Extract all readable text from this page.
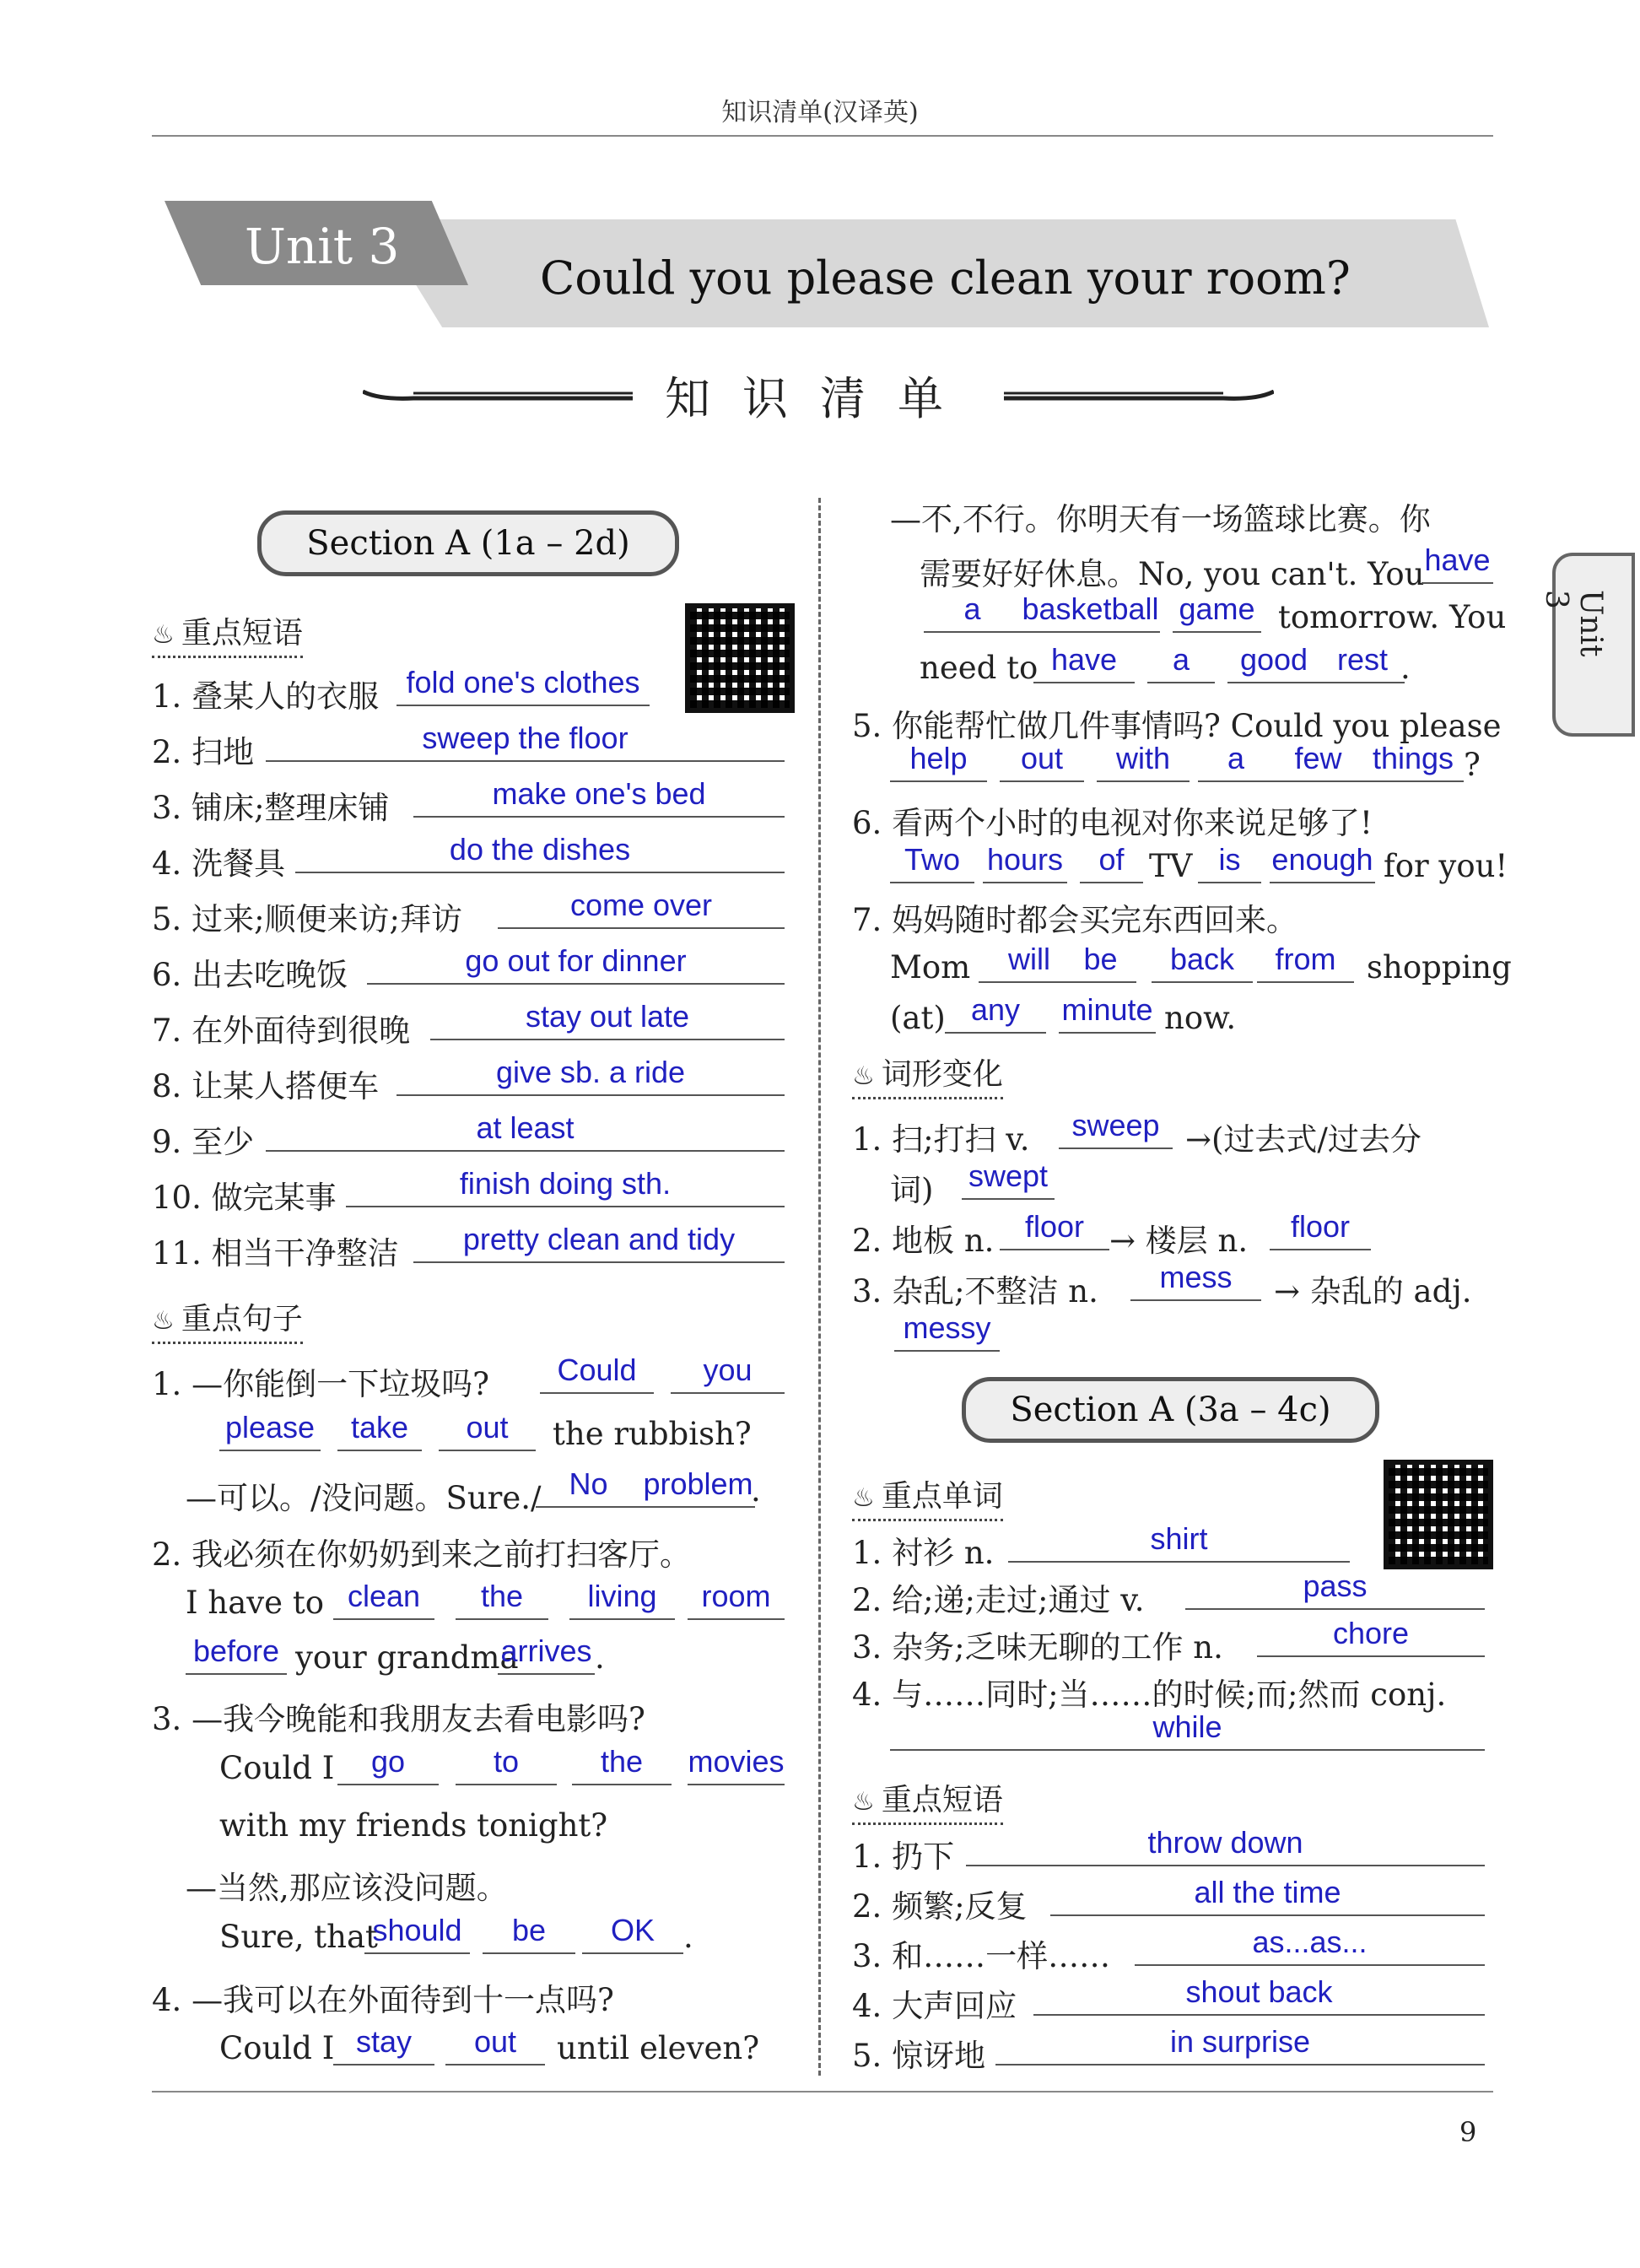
知识清单(汉译英)
Unit 3
Could you please clean your room?
知识清单
Unit 3
Section A (1a – 2d)
♨ 重点短语
1. 叠某人的衣服 fold one's clothes
2. 扫地	sweep the floor
3. 铺床;整理床铺	make one's bed
4. 洗餐具	do the dishes
5. 过来;顺便来访;拜访	come over
6. 出去吃晚饭	go out for dinner
7. 在外面待到很晚	stay out late
8. 让某人搭便车	give sb. a ride
9. 至少	at least
10. 做完某事	finish doing sth.
11. 相当干净整洁	pretty clean and tidy
♨ 重点句子
1. —你能倒一下垃圾吗?	Could	you
please	take	out	the rubbish?
—可以。/没问题。Sure./ No	problem
.
2. 我必须在你奶奶到来之前打扫客厅。
I have to clean	the	living	room
before your grandma
arrives .
3. —我今晚能和我朋友去看电影吗?
Could I	go	to	the	movies
with my friends tonight?
—当然,那应该没问题。
Sure, that
should	be	OK .
4. —我可以在外面待到十一点吗?
Could I stay	out	until eleven?
—不,不行。你明天有一场篮球比赛。你
需要好好休息。No, you can't. You have
a	basketball game tomorrow. You
need to have	a	good rest .
5. 你能帮忙做几件事情吗? Could you please
help	out	with	a	few	things ?
6. 看两个小时的电视对你来说足够了!
Two hours	of TV is	enough for you!
7. 妈妈随时都会买完东西回来。
Mom	will	be	back	from shopping
(at) any	minute now.
♨ 词形变化
1. 扫;打扫 v.	sweep →(过去式/过去分
词) swept
2. 地板 n.	floor → 楼层 n.	floor
3. 杂乱;不整洁 n.	mess	→ 杂乱的 adj.
messy
Section A (3a – 4c)
♨ 重点单词
1. 衬衫 n.	shirt
2. 给;递;走过;通过 v.	pass
3. 杂务;乏味无聊的工作 n.	chore
4. 与……同时;当……的时候;而;然而 conj.
while
♨ 重点短语
1. 扔下	throw down
2. 频繁;反复	all the time
3. 和……一样……	as...as...
4. 大声回应	shout back
5. 惊讶地	in surprise
9
